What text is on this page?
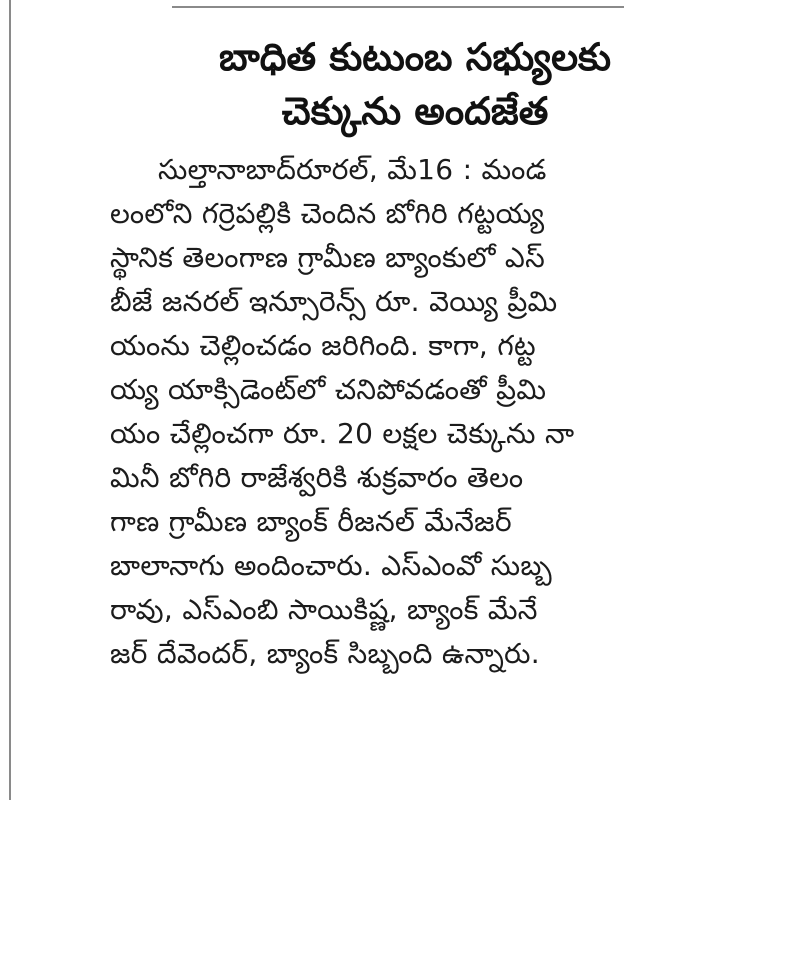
బాధిత కుటుంబ సభ్యులకు
చెక్కును అందజేత
సుల్తానాబాద్‌రూరల్‌, మే16 : మండ
లంలోని గర్రెపల్లికి చెందిన బోగిరి గట్టయ్య
స్థానిక తెలంగాణ గ్రామీణ బ్యాంకులో ఎస్‌
బీజే జనరల్‌ ఇన్సూరెన్స్‌ రూ. వెయ్యి ప్రీమి
యంను చెల్లించడం జరిగింది. కాగా, గట్ట
య్య యాక్సిడెంట్‌లో చనిపోవడంతో ప్రీమి
యం చేల్లించగా రూ. 20 లక్షల చెక్కును నా
మినీ బోగిరి రాజేశ్వరికి శుక్రవారం తెలం
గాణ గ్రామీణ బ్యాంక్‌ రీజనల్‌ మేనేజర్‌
బాలానాగు అందించారు. ఎస్‌ఎంవో సుబ్బ
రావు, ఎస్‌ఎంబి సాయికిష్ణ, బ్యాంక్‌ మేనే
జర్‌ దేవెందర్‌, బ్యాంక్‌ సిబ్బంది ఉన్నారు.
